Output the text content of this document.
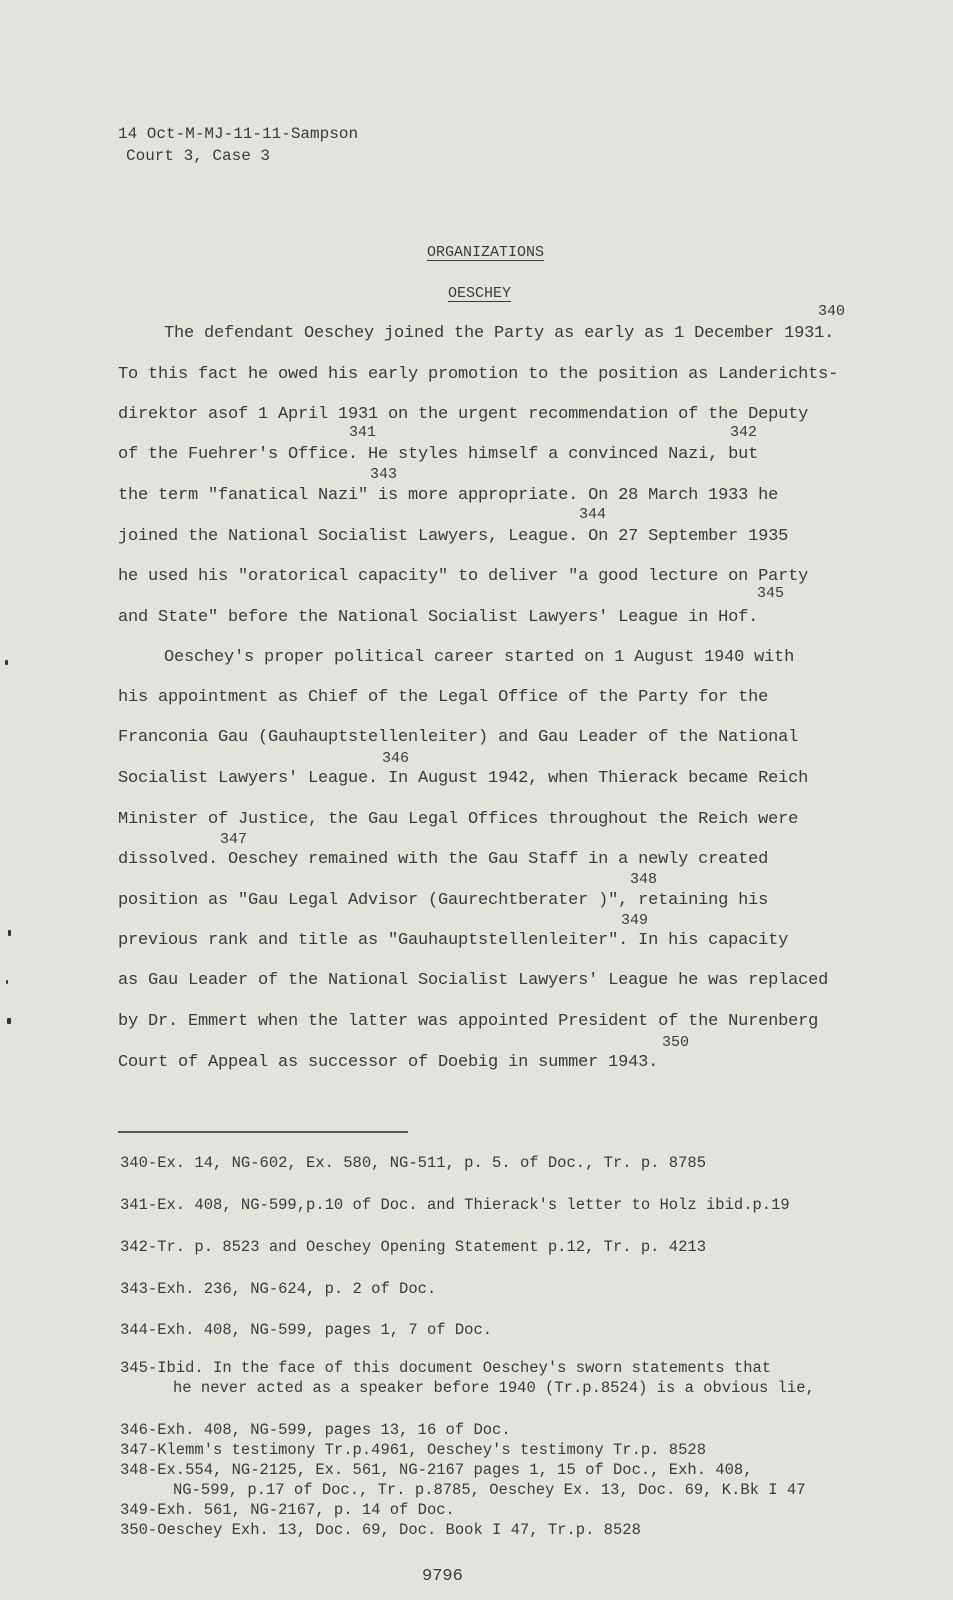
14 Oct-M-MJ-11-11-Sampson
Court 3, Case 3
ORGANIZATIONS
OESCHEY
340
341	342
343
344
345
346
347
348
349
350
The defendant Oeschey joined the Party as early as 1 December 1931.
To this fact he owed his early promotion to the position as Landerichts-
direktor asof 1 April 1931 on the urgent recommendation of the Deputy
of the Fuehrer's Office. He styles himself a convinced Nazi, but
the term "fanatical Nazi" is more appropriate. On 28 March 1933 he
joined the National Socialist Lawyers, League. On 27 September 1935
he used his "oratorical capacity" to deliver "a good lecture on Party
and State" before the National Socialist Lawyers' League in Hof.
Oeschey's proper political career started on 1 August 1940 with
his appointment as Chief of the Legal Office of the Party for the
Franconia Gau (Gauhauptstellenleiter) and Gau Leader of the National
Socialist Lawyers' League. In August 1942, when Thierack became Reich
Minister of Justice, the Gau Legal Offices throughout the Reich were
dissolved. Oeschey remained with the Gau Staff in a newly created
position as "Gau Legal Advisor (Gaurechtberater )", retaining his
previous rank and title as "Gauhauptstellenleiter". In his capacity
as Gau Leader of the National Socialist Lawyers' League he was replaced
by Dr. Emmert when the latter was appointed President of the Nurenberg
Court of Appeal as successor of Doebig in summer 1943.
340-Ex. 14, NG-602, Ex. 580, NG-511, p. 5. of Doc., Tr. p. 8785
341-Ex. 408, NG-599,p.10 of Doc. and Thierack's letter to Holz ibid.p.19
342-Tr. p. 8523 and Oeschey Opening Statement p.12, Tr. p. 4213
343-Exh. 236, NG-624, p. 2 of Doc.
344-Exh. 408, NG-599, pages 1, 7 of Doc.
345-Ibid. In the face of this document Oeschey's sworn statements that
he never acted as a speaker before 1940 (Tr.p.8524) is a obvious lie,
346-Exh. 408, NG-599, pages 13, 16 of Doc.
347-Klemm's testimony Tr.p.4961, Oeschey's testimony Tr.p. 8528
348-Ex.554, NG-2125, Ex. 561, NG-2167 pages 1, 15 of Doc., Exh. 408,
NG-599, p.17 of Doc., Tr. p.8785, Oeschey Ex. 13, Doc. 69, K.Bk I 47
349-Exh. 561, NG-2167, p. 14 of Doc.
350-Oeschey Exh. 13, Doc. 69, Doc. Book I 47, Tr.p. 8528
9796
